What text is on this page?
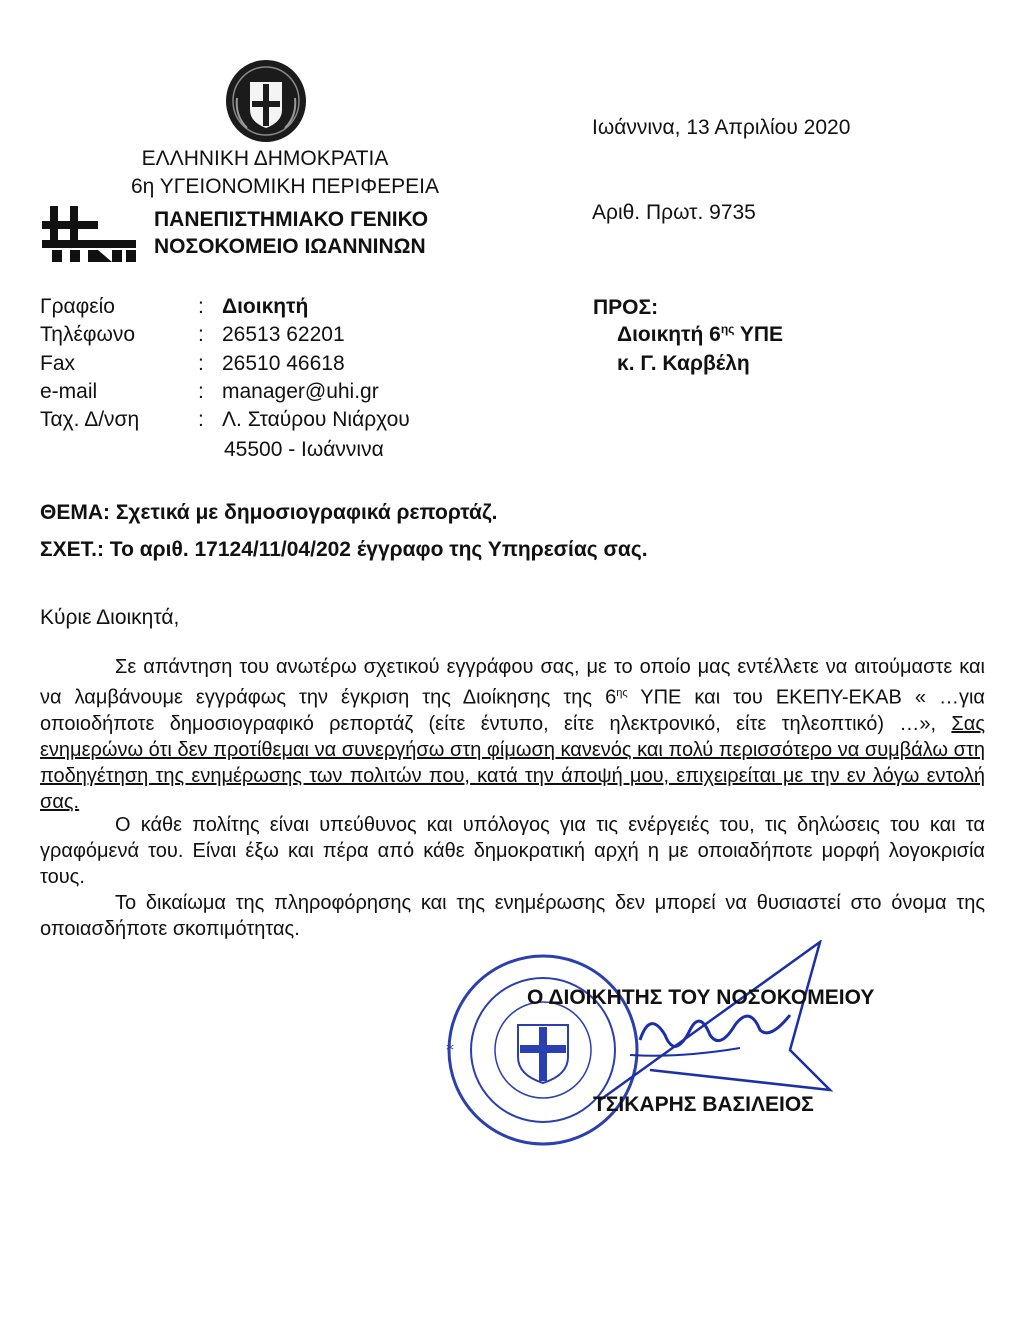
ΕΛΛΗΝΙΚΗ ΔΗΜΟΚΡΑΤΙΑ
6η ΥΓΕΙΟΝΟΜΙΚΗ ΠΕΡΙΦΕΡΕΙΑ
ΠΑΝΕΠΙΣΤΗΜΙΑΚΟ ΓΕΝΙΚΟ
ΝΟΣΟΚΟΜΕΙΟ ΙΩΑΝΝΙΝΩΝ
Ιωάννινα, 13 Απριλίου 2020
Αριθ. Πρωτ. 9735
Γραφείο	: Διοικητή
Τηλέφωνο	: 26513 62201
Fax	: 26510 46618
e-mail	: manager@uhi.gr
Ταχ. Δ/νση	: Λ. Σταύρου Νιάρχου
45500 - Ιωάννινα
ΠΡΟΣ:
Διοικητή $6^{\eta\varsigma}$ ΥΠΕ
κ. Γ. Καρβέλη
ΘΕΜΑ: Σχετικά με δημοσιογραφικά ρεπορτάζ.
ΣΧΕΤ.: Το αριθ. 17124/11/04/202 έγγραφο της Υπηρεσίας σας.
Κύριε Διοικητά,
Σε απάντηση του ανωτέρω σχετικού εγγράφου σας, με το οποίο μας εντέλλετε να αιτούμαστε και να λαμβάνουμε εγγράφως την έγκριση της Διοίκησης της $6^{\eta\varsigma}$ ΥΠΕ και του ΕΚΕΠΥ-ΕΚΑΒ « …για οποιοδήποτε δημοσιογραφικό ρεπορτάζ (είτε έντυπο, είτε ηλεκτρονικό, είτε τηλεοπτικό) …», Σας ενημερώνω ότι δεν προτίθεμαι να συνεργήσω στη φίμωση κανενός και πολύ περισσότερο να συμβάλω στη ποδηγέτηση της ενημέρωσης των πολιτών που, κατά την άποψή μου, επιχειρείται με την εν λόγω εντολή σας.
Ο κάθε πολίτης είναι υπεύθυνος και υπόλογος για τις ενέργειές του, τις δηλώσεις του και τα γραφόμενά του. Είναι έξω και πέρα από κάθε δημοκρατική αρχή η με οποιαδήποτε μορφή λογοκρισία τους.
Το δικαίωμα της πληροφόρησης και της ενημέρωσης δεν μπορεί να θυσιαστεί στο όνομα της οποιασδήποτε σκοπιμότητας.
*
Ο ΔΙΟΙΚΗΤΗΣ ΤΟΥ ΝΟΣΟΚΟΜΕΙΟΥ
ΤΣΙΚΑΡΗΣ ΒΑΣΙΛΕΙΟΣ
